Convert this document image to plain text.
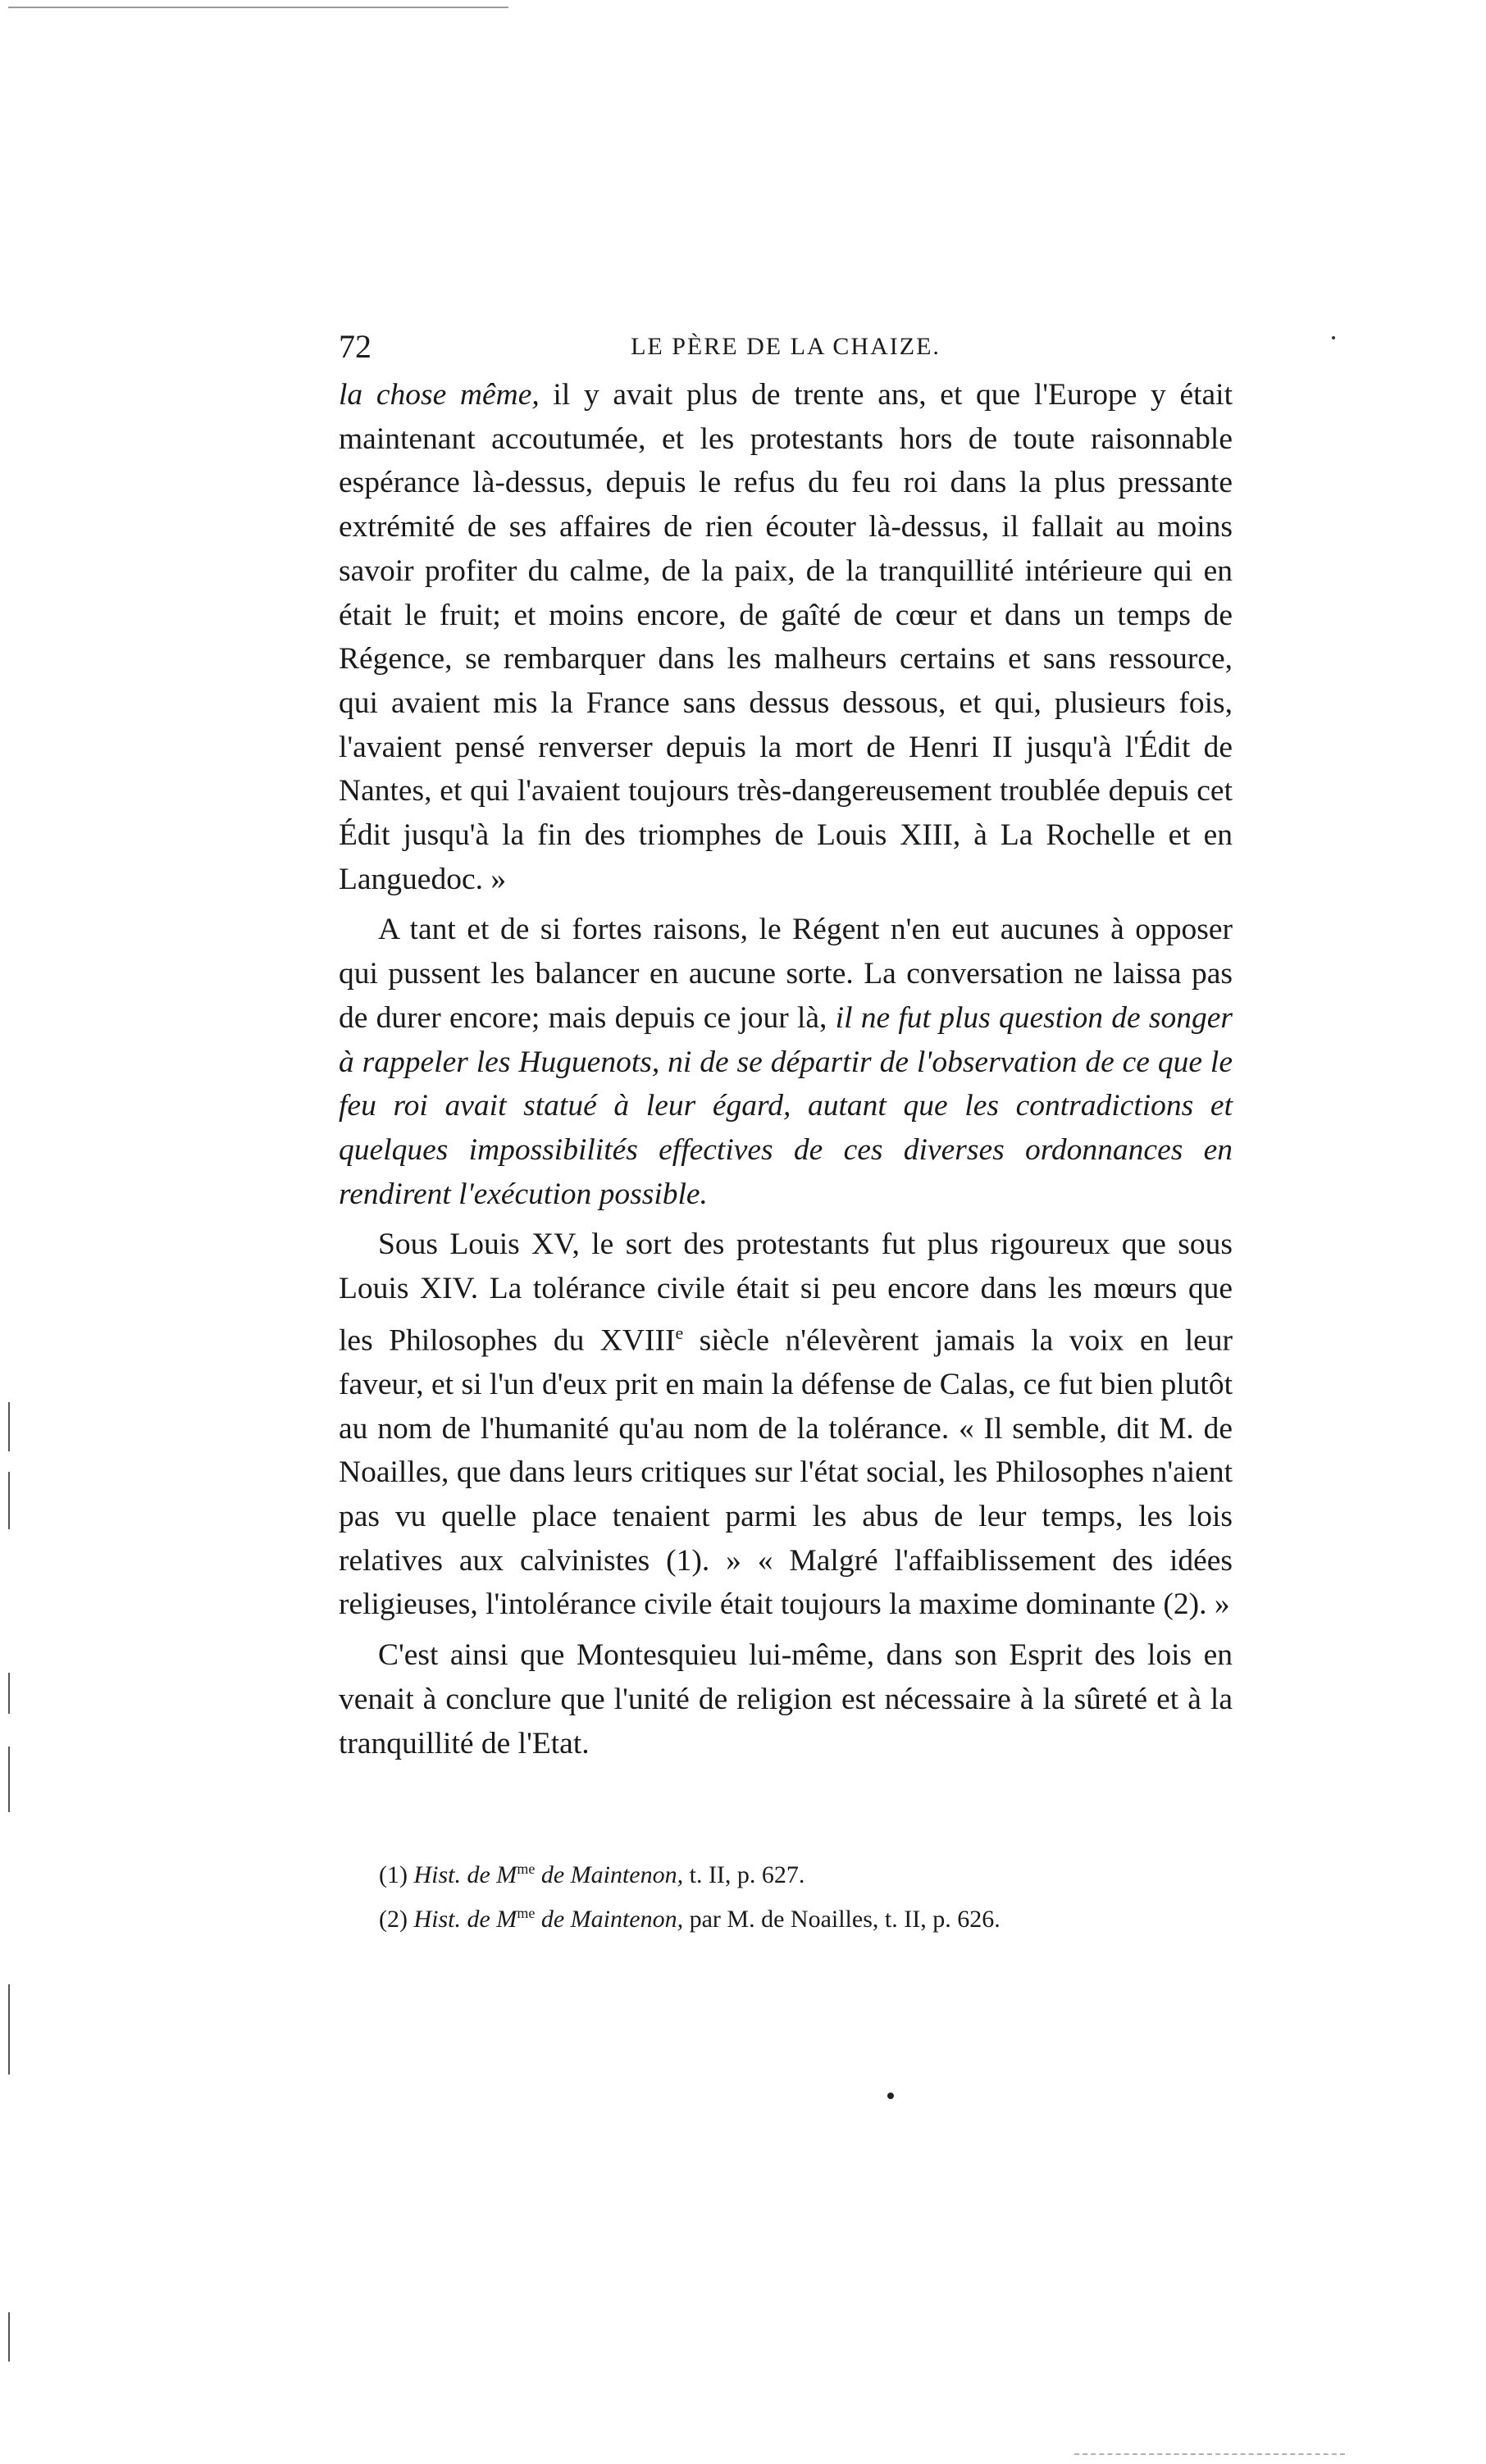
72	LE PÈRE DE LA CHAIZE.

la chose même, il y avait plus de trente ans, et que l'Europe y était maintenant accoutumée, et les protestants hors de toute raisonnable espérance là-dessus, depuis le refus du feu roi dans la plus pressante extrémité de ses affaires de rien écouter là-dessus, il fallait au moins savoir profiter du calme, de la paix, de la tranquillité intérieure qui en était le fruit; et moins encore, de gaîté de cœur et dans un temps de Régence, se rembarquer dans les malheurs certains et sans ressource, qui avaient mis la France sans dessus dessous, et qui, plusieurs fois, l'avaient pensé renverser depuis la mort de Henri II jusqu'à l'Édit de Nantes, et qui l'avaient toujours très-dangereusement troublée depuis cet Édit jusqu'à la fin des triomphes de Louis XIII, à La Rochelle et en Languedoc. »

A tant et de si fortes raisons, le Régent n'en eut aucunes à opposer qui pussent les balancer en aucune sorte. La conversation ne laissa pas de durer encore; mais depuis ce jour là, il ne fut plus question de songer à rappeler les Huguenots, ni de se départir de l'observation de ce que le feu roi avait statué à leur égard, autant que les contradictions et quelques impossibilités effectives de ces diverses ordonnances en rendirent l'exécution possible.

Sous Louis XV, le sort des protestants fut plus rigoureux que sous Louis XIV. La tolérance civile était si peu encore dans les mœurs que les Philosophes du XVIIIe siècle n'élevèrent jamais la voix en leur faveur, et si l'un d'eux prit en main la défense de Calas, ce fut bien plutôt au nom de l'humanité qu'au nom de la tolérance. « Il semble, dit M. de Noailles, que dans leurs critiques sur l'état social, les Philosophes n'aient pas vu quelle place tenaient parmi les abus de leur temps, les lois relatives aux calvinistes (1). » « Malgré l'affaiblissement des idées religieuses, l'intolérance civile était toujours la maxime dominante (2). »

C'est ainsi que Montesquieu lui-même, dans son Esprit des lois en venait à conclure que l'unité de religion est nécessaire à la sûreté et à la tranquillité de l'Etat.

(1) Hist. de $M^{me}$ de Maintenon, t. II, p. 627.

(2) Hist. de $M^{me}$ de Maintenon, par M. de Noailles, t. II, p. 626.
